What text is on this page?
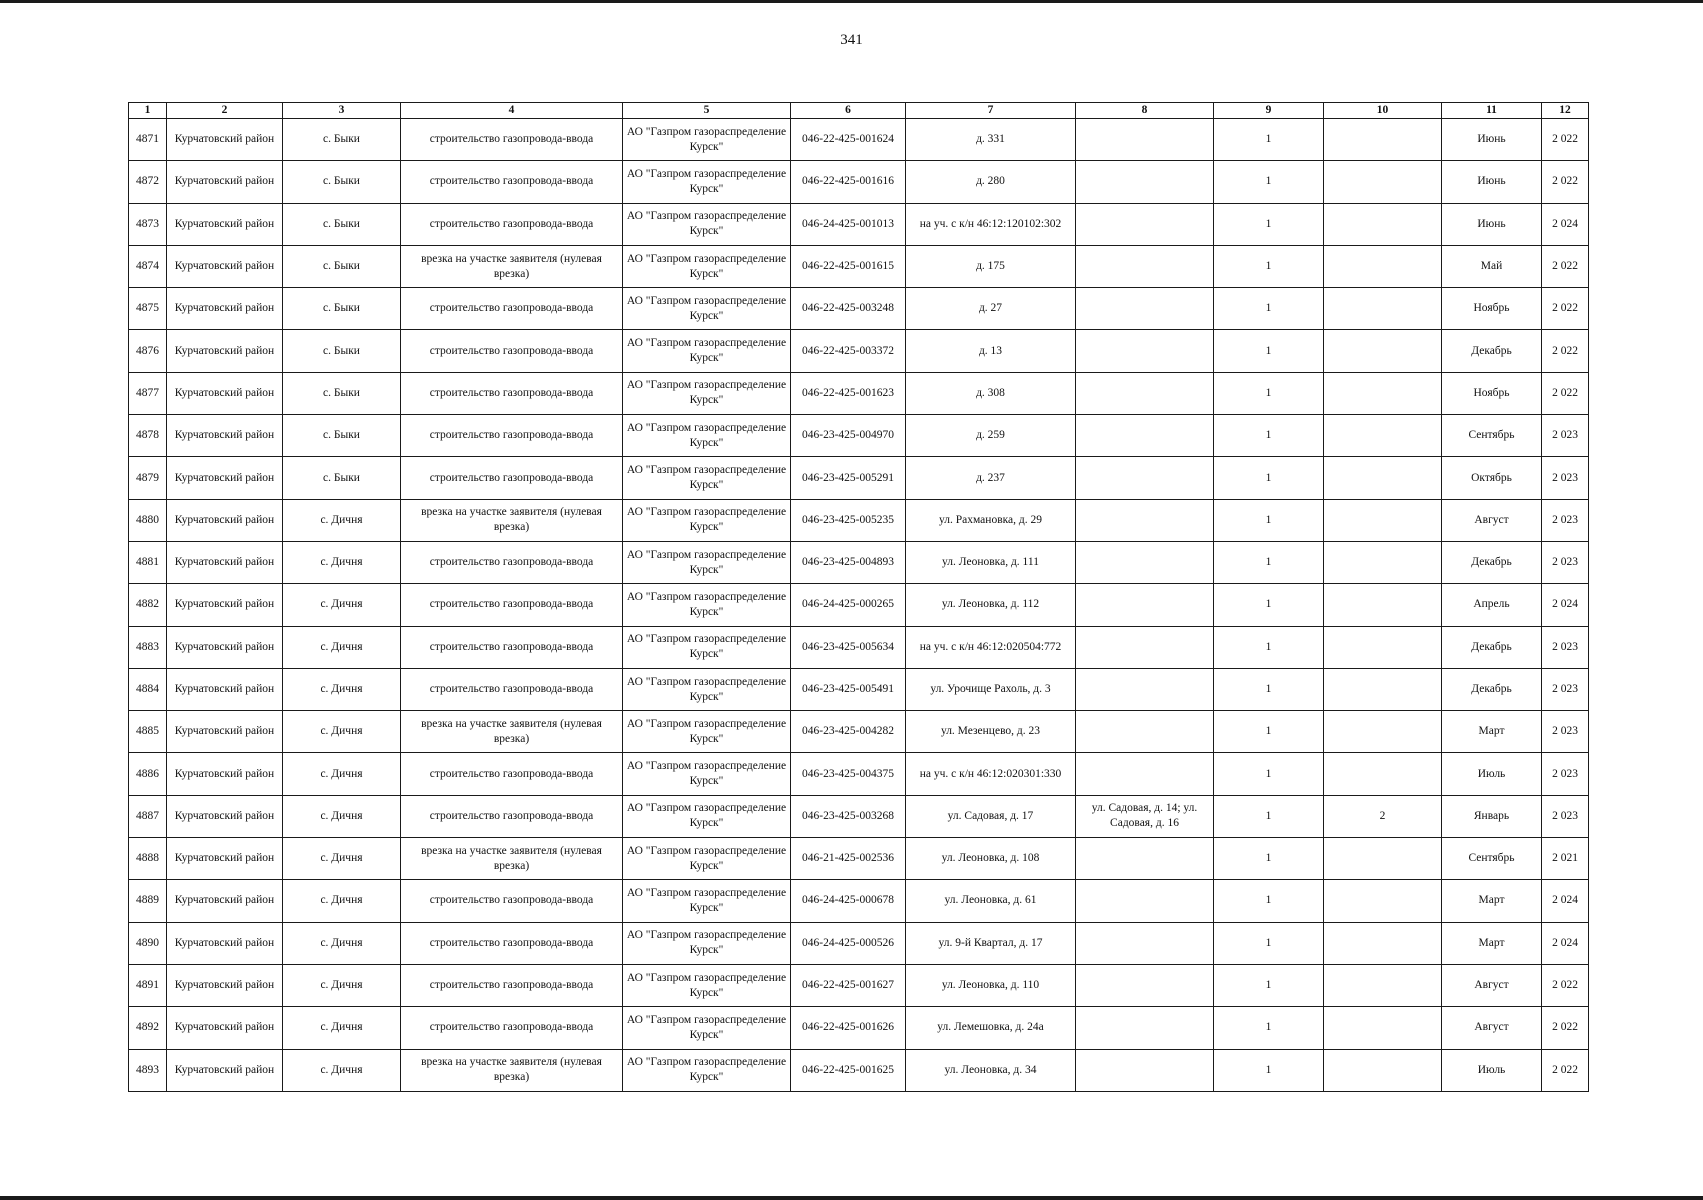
341
1	2	3	4	5	6	7	8	9	10	11	12
4871	Курчатовский район	с. Быки	строительство газопровода-ввода	АО "Газпром газораспределение Курск"	046-22-425-001624	д. 331		1		Июнь	2 022
4872	Курчатовский район	с. Быки	строительство газопровода-ввода	АО "Газпром газораспределение Курск"	046-22-425-001616	д. 280		1		Июнь	2 022
4873	Курчатовский район	с. Быки	строительство газопровода-ввода	АО "Газпром газораспределение Курск"	046-24-425-001013	на уч. с к/н 46:12:120102:302		1		Июнь	2 024
4874	Курчатовский район	с. Быки	врезка на участке заявителя (нулевая врезка)	АО "Газпром газораспределение Курск"	046-22-425-001615	д. 175		1		Май	2 022
4875	Курчатовский район	с. Быки	строительство газопровода-ввода	АО "Газпром газораспределение Курск"	046-22-425-003248	д. 27		1		Ноябрь	2 022
4876	Курчатовский район	с. Быки	строительство газопровода-ввода	АО "Газпром газораспределение Курск"	046-22-425-003372	д. 13		1		Декабрь	2 022
4877	Курчатовский район	с. Быки	строительство газопровода-ввода	АО "Газпром газораспределение Курск"	046-22-425-001623	д. 308		1		Ноябрь	2 022
4878	Курчатовский район	с. Быки	строительство газопровода-ввода	АО "Газпром газораспределение Курск"	046-23-425-004970	д. 259		1		Сентябрь	2 023
4879	Курчатовский район	с. Быки	строительство газопровода-ввода	АО "Газпром газораспределение Курск"	046-23-425-005291	д. 237		1		Октябрь	2 023
4880	Курчатовский район	с. Дичня	врезка на участке заявителя (нулевая врезка)	АО "Газпром газораспределение Курск"	046-23-425-005235	ул. Рахмановка, д. 29		1		Август	2 023
4881	Курчатовский район	с. Дичня	строительство газопровода-ввода	АО "Газпром газораспределение Курск"	046-23-425-004893	ул. Леоновка, д. 111		1		Декабрь	2 023
4882	Курчатовский район	с. Дичня	строительство газопровода-ввода	АО "Газпром газораспределение Курск"	046-24-425-000265	ул. Леоновка, д. 112		1		Апрель	2 024
4883	Курчатовский район	с. Дичня	строительство газопровода-ввода	АО "Газпром газораспределение Курск"	046-23-425-005634	на уч. с к/н 46:12:020504:772		1		Декабрь	2 023
4884	Курчатовский район	с. Дичня	строительство газопровода-ввода	АО "Газпром газораспределение Курск"	046-23-425-005491	ул. Урочище Рахоль, д. 3		1		Декабрь	2 023
4885	Курчатовский район	с. Дичня	врезка на участке заявителя (нулевая врезка)	АО "Газпром газораспределение Курск"	046-23-425-004282	ул. Мезенцево, д. 23		1		Март	2 023
4886	Курчатовский район	с. Дичня	строительство газопровода-ввода	АО "Газпром газораспределение Курск"	046-23-425-004375	на уч. с к/н 46:12:020301:330		1		Июль	2 023
4887	Курчатовский район	с. Дичня	строительство газопровода-ввода	АО "Газпром газораспределение Курск"	046-23-425-003268	ул. Садовая, д. 17	ул. Садовая, д. 14; ул. Садовая, д. 16	1	2	Январь	2 023
4888	Курчатовский район	с. Дичня	врезка на участке заявителя (нулевая врезка)	АО "Газпром газораспределение Курск"	046-21-425-002536	ул. Леоновка, д. 108		1		Сентябрь	2 021
4889	Курчатовский район	с. Дичня	строительство газопровода-ввода	АО "Газпром газораспределение Курск"	046-24-425-000678	ул. Леоновка, д. 61		1		Март	2 024
4890	Курчатовский район	с. Дичня	строительство газопровода-ввода	АО "Газпром газораспределение Курск"	046-24-425-000526	ул. 9-й Квартал, д. 17		1		Март	2 024
4891	Курчатовский район	с. Дичня	строительство газопровода-ввода	АО "Газпром газораспределение Курск"	046-22-425-001627	ул. Леоновка, д. 110		1		Август	2 022
4892	Курчатовский район	с. Дичня	строительство газопровода-ввода	АО "Газпром газораспределение Курск"	046-22-425-001626	ул. Лемешовка, д. 24а		1		Август	2 022
4893	Курчатовский район	с. Дичня	врезка на участке заявителя (нулевая врезка)	АО "Газпром газораспределение Курск"	046-22-425-001625	ул. Леоновка, д. 34		1		Июль	2 022
